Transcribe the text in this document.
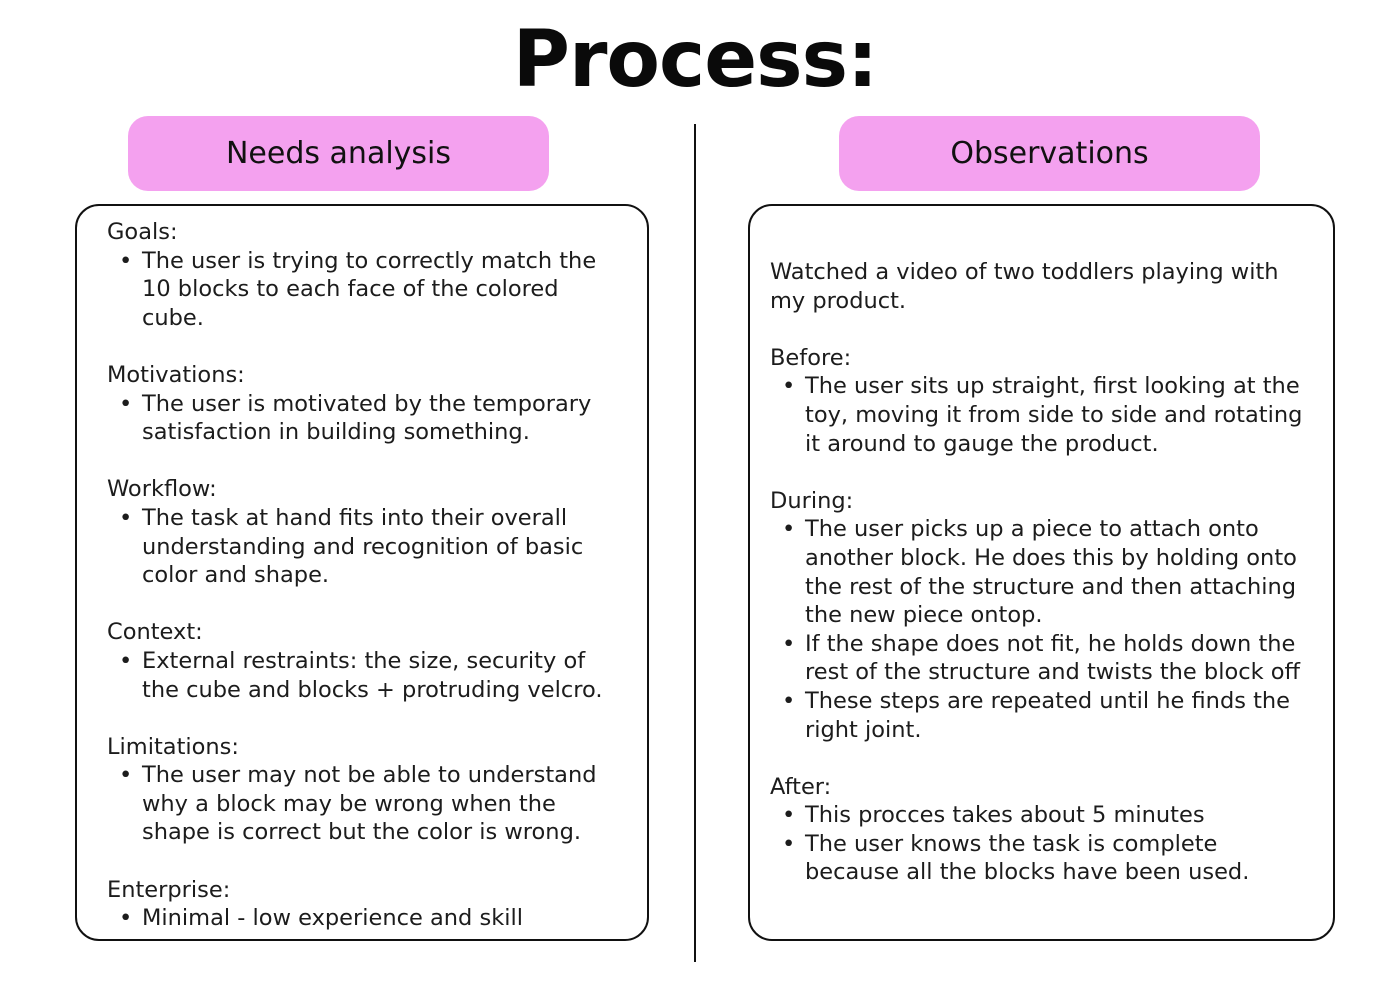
Process:
Needs analysis	Observations
Goals:
• The user is trying to correctly match the 10 blocks to each face of the colored cube.
Motivations:
• The user is motivated by the temporary satisfaction in building something.
Workflow:
• The task at hand fits into their overall understanding and recognition of basic color and shape.
Context:
• External restraints: the size, security of the cube and blocks + protruding velcro.
Limitations:
• The user may not be able to understand why a block may be wrong when the shape is correct but the color is wrong.
Enterprise:
• Minimal - low experience and skill
Watched a video of two toddlers playing with my product.
Before:
• The user sits up straight, first looking at the toy, moving it from side to side and rotating it around to gauge the product.
During:
• The user picks up a piece to attach onto another block. He does this by holding onto the rest of the structure and then attaching the new piece ontop.
• If the shape does not fit, he holds down the rest of the structure and twists the block off
• These steps are repeated until he finds the right joint.
After:
• This procces takes about 5 minutes
• The user knows the task is complete because all the blocks have been used.
